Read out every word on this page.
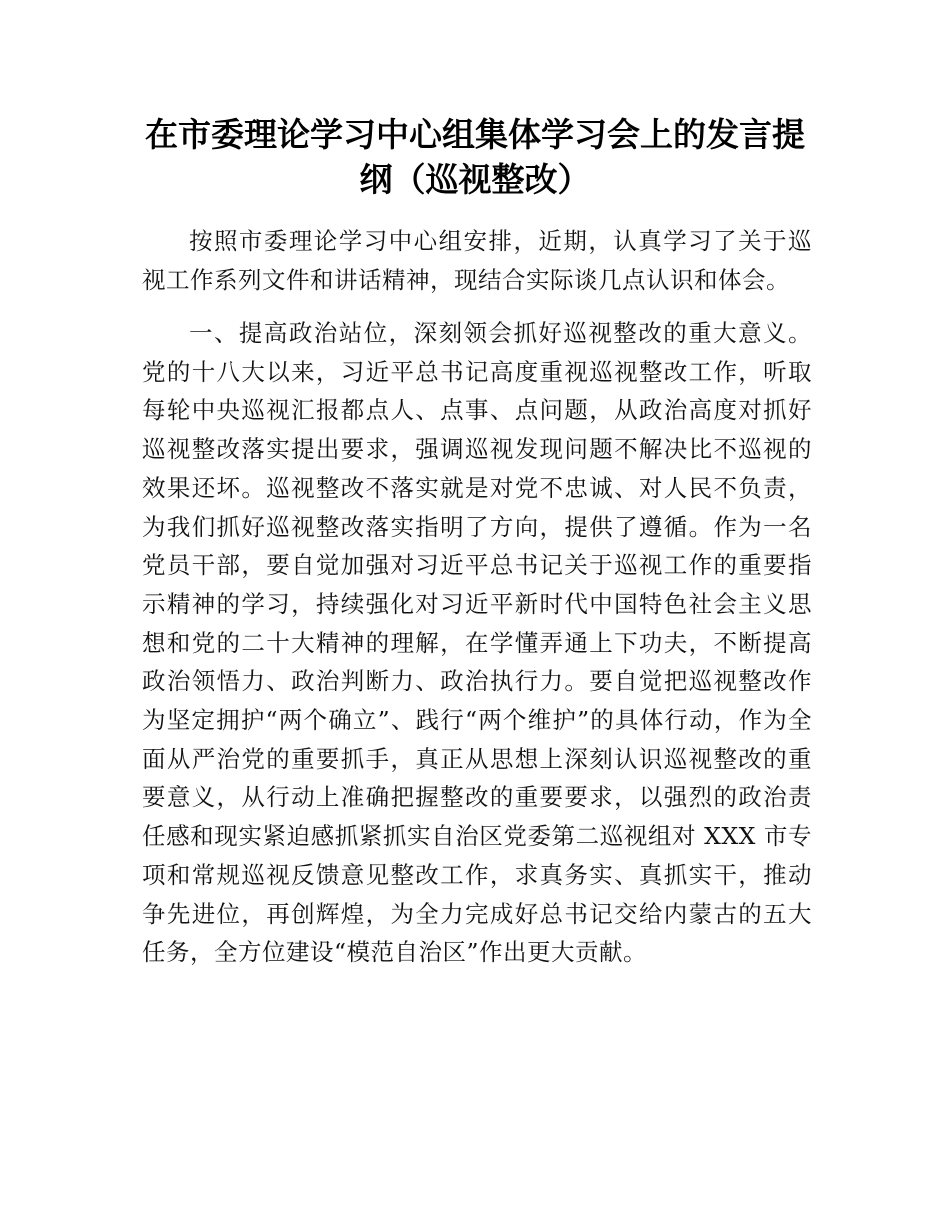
在市委理论学习中心组集体学习会上的发言提纲（巡视整改）

按照市委理论学习中心组安排，近期，认真学习了关于巡视工作系列文件和讲话精神，现结合实际谈几点认识和体会。

一、提高政治站位，深刻领会抓好巡视整改的重大意义。党的十八大以来，习近平总书记高度重视巡视整改工作，听取每轮中央巡视汇报都点人、点事、点问题，从政治高度对抓好巡视整改落实提出要求，强调巡视发现问题不解决比不巡视的效果还坏。巡视整改不落实就是对党不忠诚、对人民不负责，为我们抓好巡视整改落实指明了方向，提供了遵循。作为一名党员干部，要自觉加强对习近平总书记关于巡视工作的重要指示精神的学习，持续强化对习近平新时代中国特色社会主义思想和党的二十大精神的理解，在学懂弄通上下功夫，不断提高政治领悟力、政治判断力、政治执行力。要自觉把巡视整改作为坚定拥护“两个确立”、践行“两个维护”的具体行动，作为全面从严治党的重要抓手，真正从思想上深刻认识巡视整改的重要意义，从行动上准确把握整改的重要要求，以强烈的政治责任感和现实紧迫感抓紧抓实自治区党委第二巡视组对 XXX 市专项和常规巡视反馈意见整改工作，求真务实、真抓实干，推动争先进位，再创辉煌，为全力完成好总书记交给内蒙古的五大任务，全方位建设“模范自治区”作出更大贡献。
